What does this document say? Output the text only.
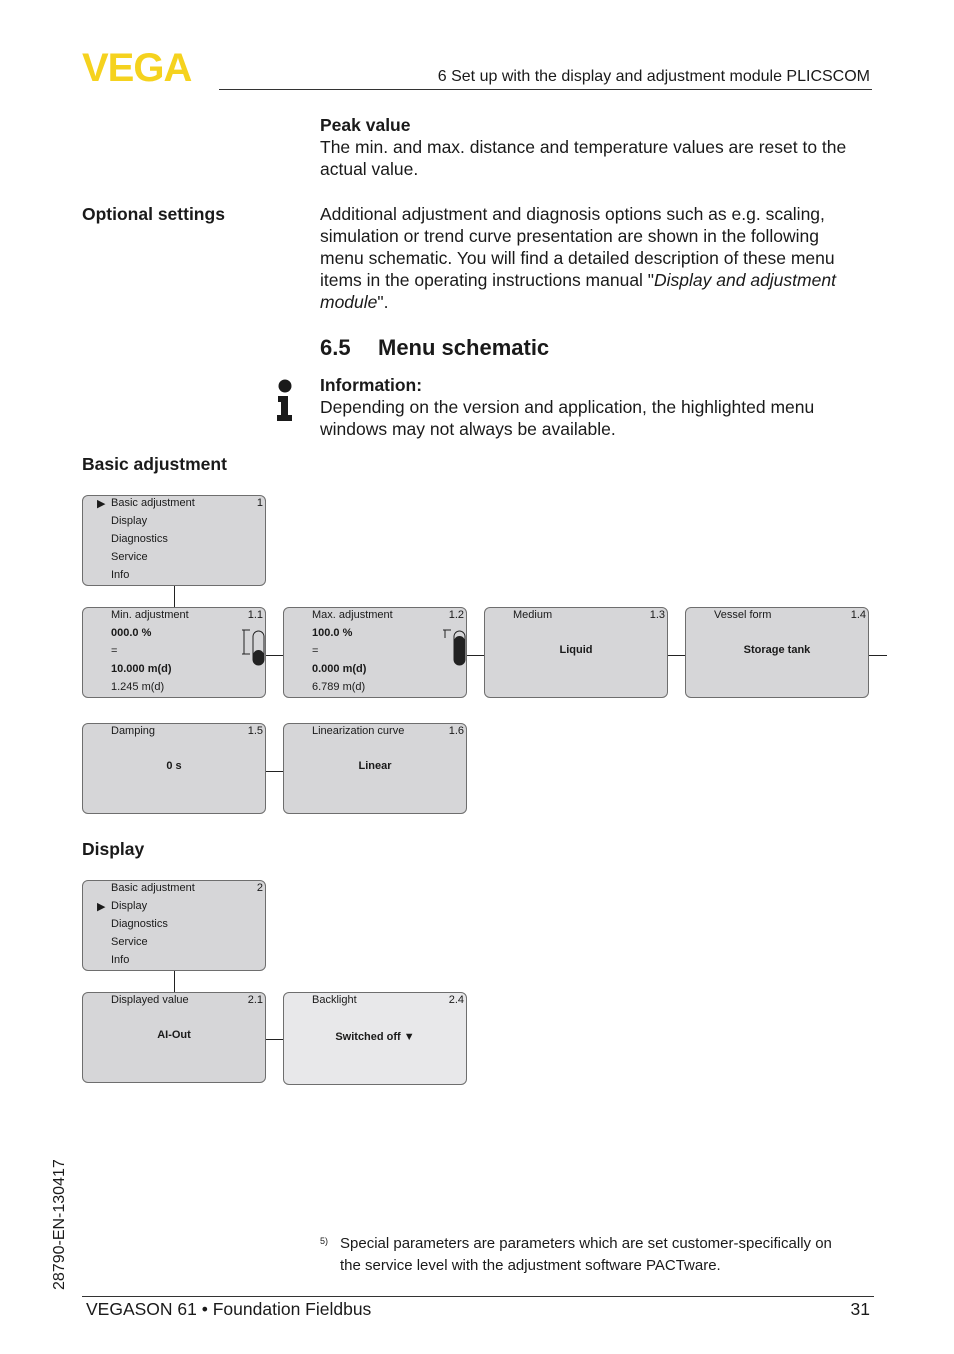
VEGA	6 Set up with the display and adjustment module PLICSCOM
Peak value
The min. and max. distance and temperature values are reset to the
actual value.
Optional settings	Additional adjustment and diagnosis options such as e.g. scaling,
simulation or trend curve presentation are shown in the following
menu schematic. You will find a detailed description of these menu
items in the operating instructions manual "Display and adjustment
module".
6.5 Menu schematic
Information:
Depending on the version and application, the highlighted menu
windows may not always be available.
Basic adjustment
1
▶ Basic adjustment
Display
Diagnostics
Service
Info
Min. adjustment	1.1
000.0 %
=
10.000 m(d)
1.245 m(d)
Max. adjustment	1.2
100.0 %
=
0.000 m(d)
6.789 m(d)
Medium	1.3
Liquid
Vessel form	1.4
Storage tank
Damping	1.5
0 s
Linearization curve	1.6
Linear
Display
2
▶
Basic adjustment
Display
Diagnostics
Service
Info
Displayed value	2.1
AI-Out
Backlight	2.4
Switched off ▼
5) Special parameters are parameters which are set customer-specifically on
the service level with the adjustment software PACTware.
28790-EN-130417
VEGASON 61 • Foundation Fieldbus	31
